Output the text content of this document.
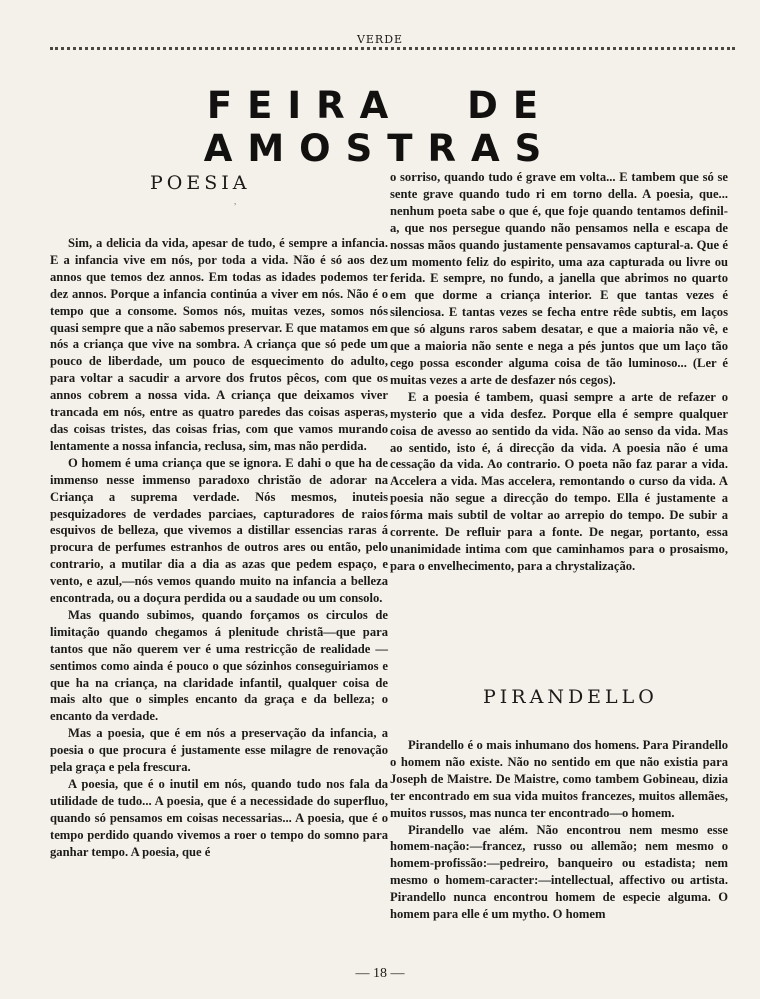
VERDE
FEIRA DE AMOSTRAS
POESIA
,

Sim, a delicia da vida, apesar de tudo, é sempre a infancia. E a infancia vive em nós, por toda a vida. Não é só aos dez annos que temos dez annos. Em todas as idades podemos ter dez annos. Porque a infancia continúa a viver em nós. Não é o tempo que a consome. Somos nós, muitas vezes, somos nós quasi sempre que a não sabemos preservar. E que matamos em nós a criança que vive na sombra. A criança que só pede um pouco de liberdade, um pouco de esquecimento do adulto, para voltar a sacudir a arvore dos frutos pêcos, com que os annos cobrem a nossa vida. A criança que deixamos viver trancada em nós, entre as quatro paredes das coisas asperas, das coisas tristes, das coisas frias, com que vamos murando lentamente a nossa infancia, reclusa, sim, mas não perdida.

O homem é uma criança que se ignora. E dahi o que ha de immenso nesse immenso paradoxo christão de adorar na Criança a suprema verdade. Nós mesmos, inuteis pesquizadores de verdades parciaes, capturadores de raios esquivos de belleza, que vivemos a distillar essencias raras á procura de perfumes estranhos de outros ares ou então, pelo contrario, a mutilar dia a dia as azas que pedem espaço, e vento, e azul,—nós vemos quando muito na infancia a belleza encontrada, ou a doçura perdida ou a saudade ou um consolo.

Mas quando subimos, quando forçamos os circulos de limitação quando chegamos á plenitude christã—que para tantos que não querem ver é uma restricção de realidade — sentimos como ainda é pouco o que sózinhos conseguiriamos e que ha na criança, na claridade infantil, qualquer coisa de mais alto que o simples encanto da graça e da belleza; o encanto da verdade.

Mas a poesia, que é em nós a preservação da infancia, a poesia o que procura é justamente esse milagre de renovação pela graça e pela frescura.

A poesia, que é o inutil em nós, quando tudo nos fala da utilidade de tudo... A poesia, que é a necessidade do superfluo, quando só pensamos em coisas necessarias... A poesia, que é o tempo perdido quando vivemos a roer o tempo do somno para ganhar tempo. A poesia, que é

o sorriso, quando tudo é grave em volta... E tambem que só se sente grave quando tudo ri em torno della. A poesia, que... nenhum poeta sabe o que é, que foje quando tentamos definil-a, que nos persegue quando não pensamos nella e escapa de nossas mãos quando justamente pensavamos captural-a. Que é um momento feliz do espirito, uma aza capturada ou livre ou ferida. E sempre, no fundo, a janella que abrimos no quarto em que dorme a criança interior. E que tantas vezes é silenciosa. E tantas vezes se fecha entre rêde subtis, em laços que só alguns raros sabem desatar, e que a maioria não vê, e que a maioria não sente e nega a pés juntos que um laço tão cego possa esconder alguma coisa de tão luminoso... (Ler é muitas vezes a arte de desfazer nós cegos).

E a poesia é tambem, quasi sempre a arte de refazer o mysterio que a vida desfez. Porque ella é sempre qualquer coisa de avesso ao sentido da vida. Não ao senso da vida. Mas ao sentido, isto é, á direcção da vida. A poesia não é uma cessação da vida. Ao contrario. O poeta não faz parar a vida. Accelera a vida. Mas accelera, remontando o curso da vida. A poesia não segue a direcção do tempo. Ella é justamente a fórma mais subtil de voltar ao arrepio do tempo. De subir a corrente. De refluir para a fonte. De negar, portanto, essa unanimidade intima com que caminhamos para o prosaismo, para o envelhecimento, para a chrystalização.

PIRANDELLO

Pirandello é o mais inhumano dos homens. Para Pirandello o homem não existe. Não no sentido em que não existia para Joseph de Maistre. De Maistre, como tambem Gobineau, dizia ter encontrado em sua vida muitos francezes, muitos allemães, muitos russos, mas nunca ter encontrado—o homem.

Pirandello vae além. Não encontrou nem mesmo esse homem-nação:—francez, russo ou allemão; nem mesmo o homem-profissão:—pedreiro, banqueiro ou estadista; nem mesmo o homem-caracter:—intellectual, affectivo ou artista. Pirandello nunca encontrou homem de especie alguma. O homem para elle é um mytho. O homem

— 18 —
